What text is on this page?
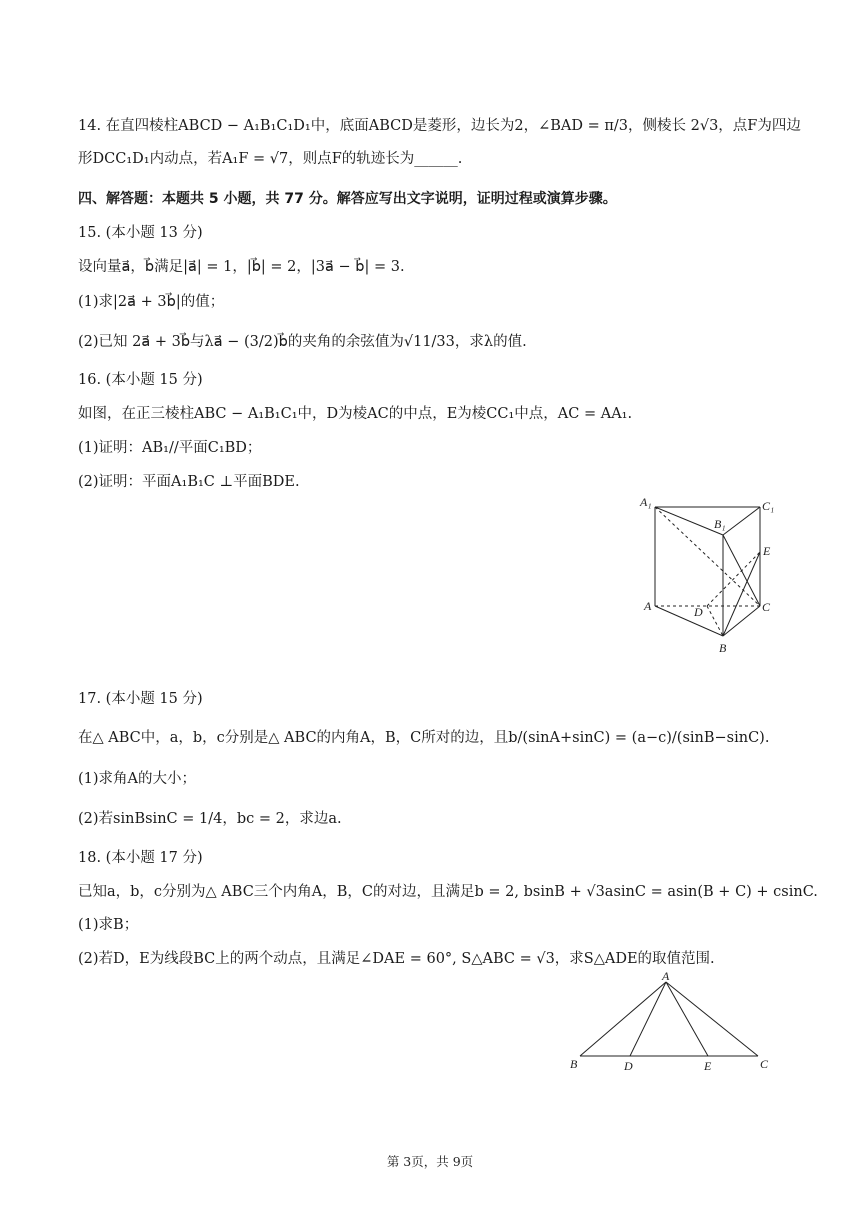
14. 在直四棱柱ABCD − A₁B₁C₁D₁中，底面ABCD是菱形，边长为2，∠BAD = π/3，侧棱长 2√3，点F为四边
形DCC₁D₁内动点，若A₁F = √7，则点F的轨迹长为______.
四、解答题：本题共 5 小题，共 77 分。解答应写出文字说明，证明过程或演算步骤。
15. (本小题 13 分)
设向量a⃗，b⃗满足|a⃗| = 1，|b⃗| = 2，|3a⃗ − b⃗| = 3.
(1)求|2a⃗ + 3b⃗|的值；
(2)已知 2a⃗ + 3b⃗与λa⃗ − (3/2)b⃗的夹角的余弦值为√11/33，求λ的值.
16. (本小题 15 分)
如图，在正三棱柱ABC − A₁B₁C₁中，D为棱AC的中点，E为棱CC₁中点，AC = AA₁.
(1)证明：AB₁//平面C₁BD；
(2)证明：平面A₁B₁C ⊥平面BDE.
A₁
B₁
C₁
E
A	D	C
B
17. (本小题 15 分)
在△ ABC中，a，b，c分别是△ ABC的内角A，B，C所对的边，且b/(sinA+sinC) = (a−c)/(sinB−sinC).
(1)求角A的大小；
(2)若sinBsinC = 1/4，bc = 2，求边a.
18. (本小题 17 分)
已知a，b，c分别为△ ABC三个内角A，B，C的对边，且满足b = 2, bsinB + √3asinC = asin(B + C) + csinC.
(1)求B；
(2)若D，E为线段BC上的两个动点，且满足∠DAE = 60°, S△ABC = √3，求S△ADE的取值范围.
A
B	D	E	C
第 3页，共 9页
